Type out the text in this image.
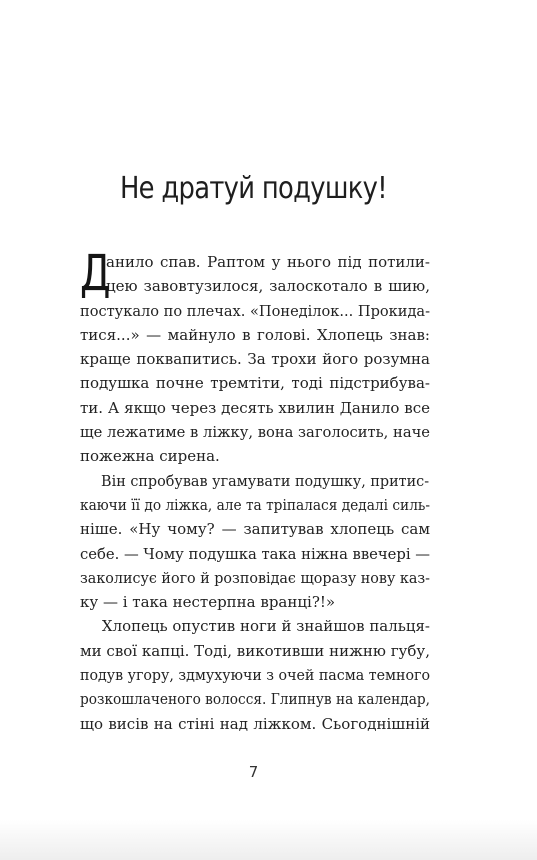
Не дратуй подушку!
Д
анило спав. Раптом у нього під потили-
цею завовтузилося, залоскотало в шию,
постукало по плечах. «Понеділок... Прокида-
тися...» — майнуло в голові. Хлопець знав:
краще поквапитись. За трохи його розумна
подушка почне тремтіти, тоді підстрибува-
ти. А якщо через десять хвилин Данило все
ще лежатиме в ліжку, вона заголосить, наче
пожежна сирена.
Він спробував угамувати подушку, притис-
каючи її до ліжка, але та тріпалася дедалі силь-
ніше. «Ну чому? — запитував хлопець сам
себе. — Чому подушка така ніжна ввечері —
заколисує його й розповідає щоразу нову каз-
ку — і така нестерпна вранці?!»
Хлопець опустив ноги й знайшов пальця-
ми свої капці. Тоді, викотивши нижню губу,
подув угору, здмухуючи з очей пасма темного
розкошлаченого волосся. Глипнув на календар,
що висів на стіні над ліжком. Сьогоднішній
7
